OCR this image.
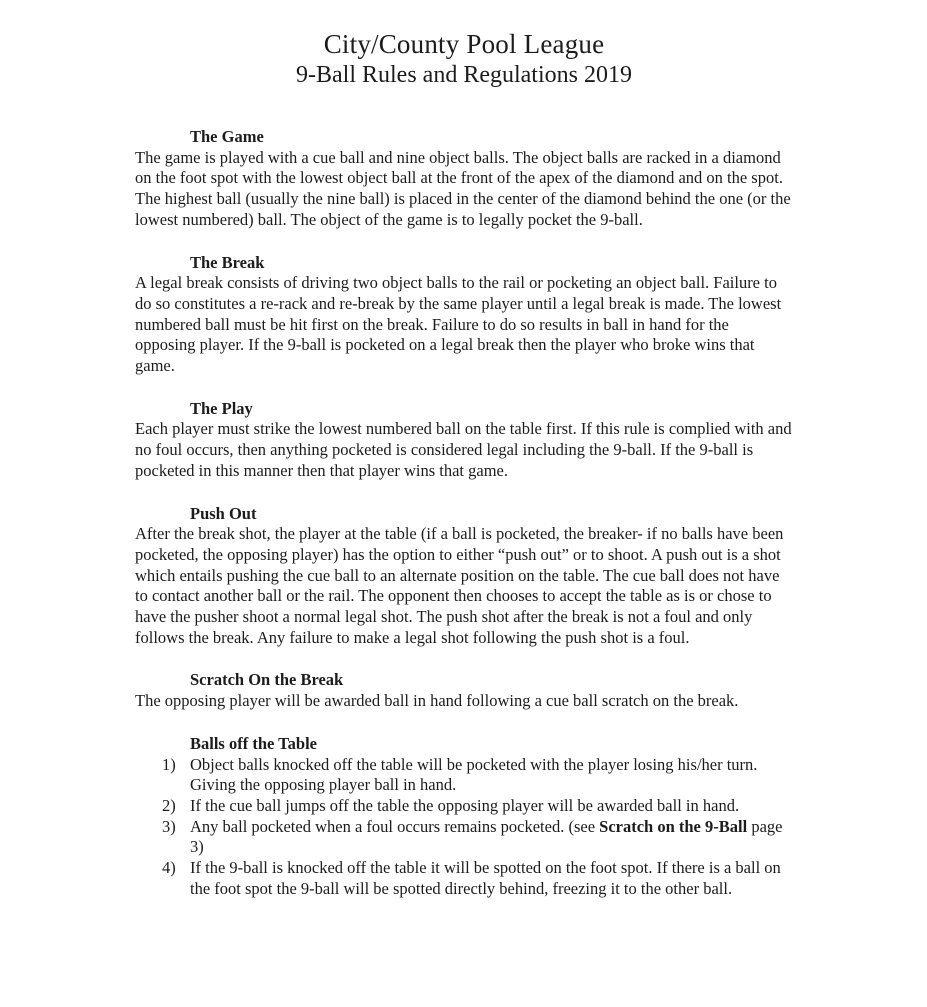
City/County Pool League
9-Ball Rules and Regulations 2019
The Game

The game is played with a cue ball and nine object balls. The object balls are racked in a diamond on the foot spot with the lowest object ball at the front of the apex of the diamond and on the spot. The highest ball (usually the nine ball) is placed in the center of the diamond behind the one (or the lowest numbered) ball. The object of the game is to legally pocket the 9-ball.

The Break

A legal break consists of driving two object balls to the rail or pocketing an object ball. Failure to do so constitutes a re-rack and re-break by the same player until a legal break is made. The lowest numbered ball must be hit first on the break. Failure to do so results in ball in hand for the opposing player. If the 9-ball is pocketed on a legal break then the player who broke wins that game.

The Play

Each player must strike the lowest numbered ball on the table first. If this rule is complied with and no foul occurs, then anything pocketed is considered legal including the 9-ball. If the 9-ball is pocketed in this manner then that player wins that game.

Push Out

After the break shot, the player at the table (if a ball is pocketed, the breaker- if no balls have been pocketed, the opposing player) has the option to either “push out” or to shoot. A push out is a shot which entails pushing the cue ball to an alternate position on the table. The cue ball does not have to contact another ball or the rail. The opponent then chooses to accept the table as is or chose to have the pusher shoot a normal legal shot. The push shot after the break is not a foul and only follows the break. Any failure to make a legal shot following the push shot is a foul.

Scratch On the Break

The opposing player will be awarded ball in hand following a cue ball scratch on the break.

Balls off the Table
1) Object balls knocked off the table will be pocketed with the player losing his/her turn. Giving the opposing player ball in hand.
2) If the cue ball jumps off the table the opposing player will be awarded ball in hand.
3) Any ball pocketed when a foul occurs remains pocketed. (see Scratch on the 9-Ball page 3)
4) If the 9-ball is knocked off the table it will be spotted on the foot spot. If there is a ball on the foot spot the 9-ball will be spotted directly behind, freezing it to the other ball.
